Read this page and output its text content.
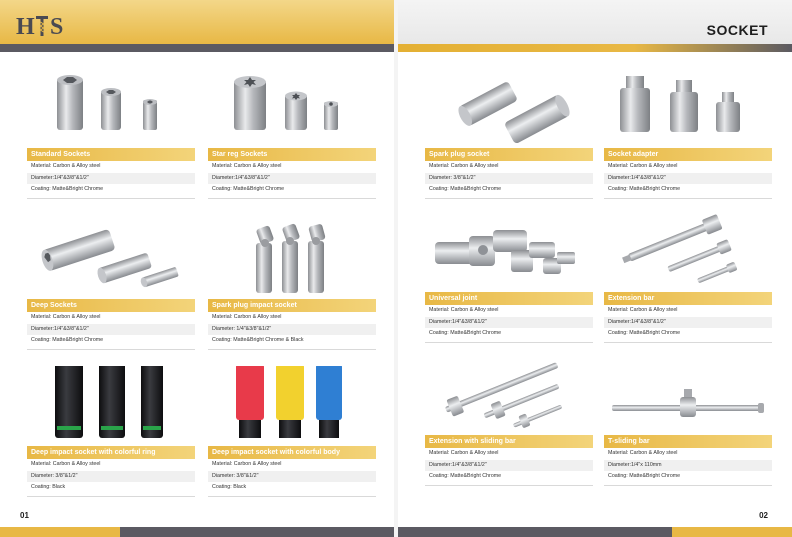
H S
Standard Sockets
Material: Carbon & Alloy steel
Diameter:1/4"&3/8"&1/2"
Coating: Matte&Bright Chrome
Star reg Sockets
Material: Carbon & Alloy steel
Diameter:1/4"&3/8"&1/2"
Coating: Matte&Bright Chrome
Deep Sockets
Material: Carbon & Alloy steel
Diameter:1/4"&3/8"&1/2"
Coating: Matte&Bright Chrome
Spark plug impact socket
Material: Carbon & Alloy steel
Diameter: 1/4"&3/8"&1/2"
Coating: Matte&Bright Chrome & Black
Deep impact socket with colorful ring
Material: Carbon & Alloy steel
Diameter: 3/8"&1/2"
Coating: Black
Deep impact socket with colorful body
Material: Carbon & Alloy steel
Diameter: 3/8"&1/2"
Coating: Black
01
SOCKET
Spark plug socket
Material: Carbon & Alloy steel
Diameter: 3/8"&1/2"
Coating: Matte&Bright Chrome
Socket adapter
Material: Carbon & Alloy steel
Diameter:1/4"&3/8"&1/2"
Coating: Matte&Bright Chrome
Universal joint
Material: Carbon & Alloy steel
Diameter:1/4"&3/8"&1/2"
Coating: Matte&Bright Chrome
Extension bar
Material: Carbon & Alloy steel
Diameter:1/4"&3/8"&1/2"
Coating: Matte&Bright Chrome
Extension with sliding bar
Material: Carbon & Alloy steel
Diameter:1/4"&3/8"&1/2"
Coating: Matte&Bright Chrome
T-sliding bar
Material: Carbon & Alloy steel
Diameter:1/4"x 110mm
Coating: Matte&Bright Chrome
02
